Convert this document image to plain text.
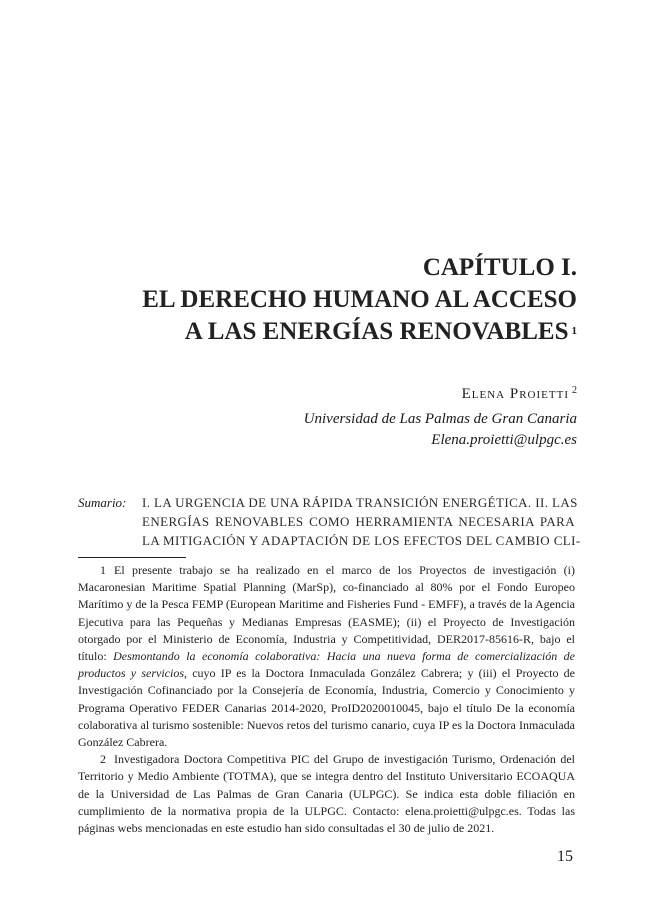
CAPÍTULO I.
EL DERECHO HUMANO AL ACCESO
A LAS ENERGÍAS RENOVABLES $^1$
Elena Proietti $^2$
Universidad de Las Palmas de Gran Canaria
Elena.proietti@ulpgc.es
Sumario: I. LA URGENCIA DE UNA RÁPIDA TRANSICIÓN ENERGÉTICA. II. LAS
ENERGÍAS RENOVABLES COMO HERRAMIENTA NECESARIA PARA
LA MITIGACIÓN Y ADAPTACIÓN DE LOS EFECTOS DEL CAMBIO CLI-

1 El presente trabajo se ha realizado en el marco de los Proyectos de investigación (i) Macaronesian Maritime Spatial Planning (MarSp), co-financiado al 80% por el Fondo Europeo Marítimo y de la Pesca FEMP (European Maritime and Fisheries Fund - EMFF), a través de la Agencia Ejecutiva para las Pequeñas y Medianas Empresas (EASME); (ii) el Proyecto de Investigación otorgado por el Ministerio de Economía, Industria y Competitividad, DER2017-85616-R, bajo el título: Desmontando la economía colaborativa: Hacia una nueva forma de comercialización de productos y servicios, cuyo IP es la Doctora Inmaculada González Cabrera; y (iii) el Proyecto de Investigación Cofinanciado por la Consejería de Economía, Industria, Comercio y Conocimiento y Programa Operativo FEDER Canarias 2014-2020, ProID2020010045, bajo el título De la economía colaborativa al turismo sostenible: Nuevos retos del turismo canario, cuya IP es la Doctora Inmaculada González Cabrera.

2 Investigadora Doctora Competitiva PIC del Grupo de investigación Turismo, Ordenación del Territorio y Medio Ambiente (TOTMA), que se integra dentro del Instituto Universitario ECOAQUA de la Universidad de Las Palmas de Gran Canaria (ULPGC). Se indica esta doble filiación en cumplimiento de la normativa propia de la ULPGC. Contacto: elena.proietti@ulpgc.es. Todas las páginas webs mencionadas en este estudio han sido consultadas el 30 de julio de 2021.

15
